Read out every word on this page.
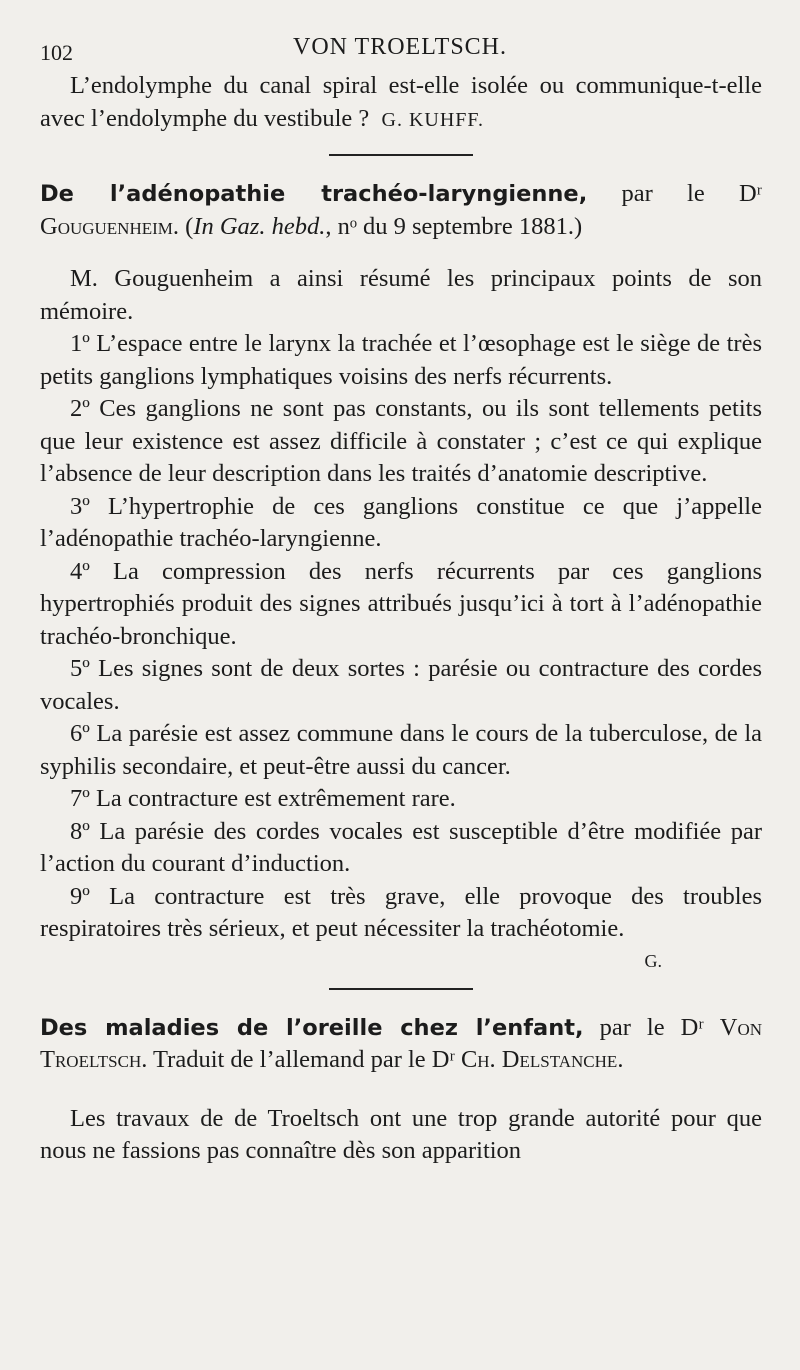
102	VON TROELTSCH.

L’endolymphe du canal spiral est-elle isolée ou communique-t-elle avec l’endolymphe du vestibule ? G. KUHFF.

De l’adénopathie trachéo-laryngienne, par le Dʳ Gouguenheim. (In Gaz. hebd., nᵒ du 9 septembre 1881.)

M. Gouguenheim a ainsi résumé les principaux points de son mémoire.

1º L’espace entre le larynx la trachée et l’œsophage est le siège de très petits ganglions lymphatiques voisins des nerfs récurrents.

2º Ces ganglions ne sont pas constants, ou ils sont tellements petits que leur existence est assez difficile à constater ; c’est ce qui explique l’absence de leur description dans les traités d’anatomie descriptive.

3º L’hypertrophie de ces ganglions constitue ce que j’appelle l’adénopathie trachéo-laryngienne.

4º La compression des nerfs récurrents par ces ganglions hypertrophiés produit des signes attribués jusqu’ici à tort à l’adénopathie trachéo-bronchique.

5º Les signes sont de deux sortes : parésie ou contracture des cordes vocales.

6º La parésie est assez commune dans le cours de la tuberculose, de la syphilis secondaire, et peut-être aussi du cancer.

7º La contracture est extrêmement rare.

8º La parésie des cordes vocales est susceptible d’être modifiée par l’action du courant d’induction.

9º La contracture est très grave, elle provoque des troubles respiratoires très sérieux, et peut nécessiter la trachéotomie.

G.

Des maladies de l’oreille chez l’enfant, par le Dʳ Von Troeltsch. Traduit de l’allemand par le Dʳ Ch. Delstanche.

Les travaux de de Troeltsch ont une trop grande autorité pour que nous ne fassions pas connaître dès son apparition
